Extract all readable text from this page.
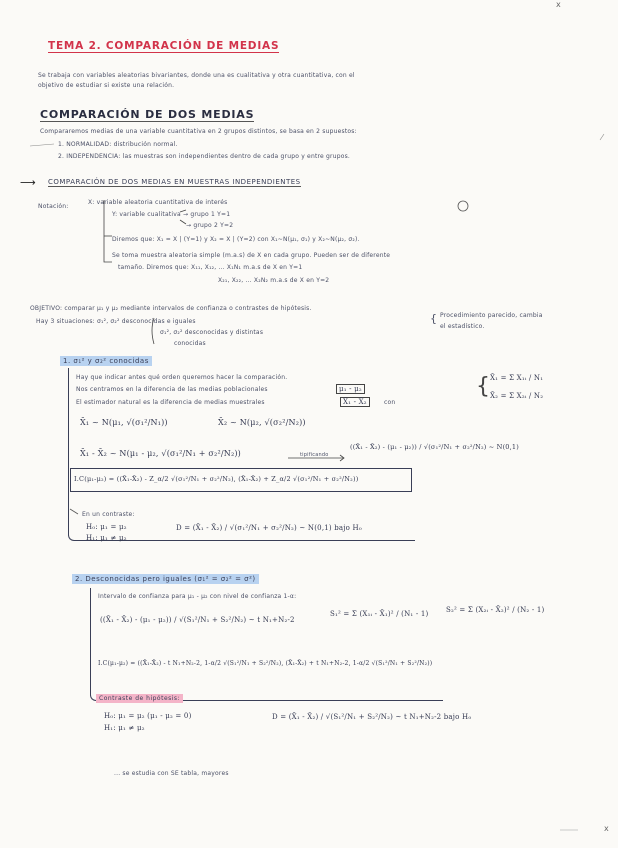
x
TEMA 2. COMPARACIÓN DE MEDIAS
Se trabaja con variables aleatorias bivariantes, donde una es cualitativa y otra cuantitativa, con el
objetivo de estudiar si existe una relación.
COMPARACIÓN DE DOS MEDIAS
Compararemos medias de una variable cuantitativa en 2 grupos distintos, se basa en 2 supuestos:
1. NORMALIDAD: distribución normal.
2. INDEPENDENCIA: las muestras son independientes dentro de cada grupo y entre grupos.
⟶ COMPARACIÓN DE DOS MEDIAS EN MUESTRAS INDEPENDIENTES
Notación:
X: variable aleatoria cuantitativa de interés
Y: variable cualitativa → grupo 1 Y=1
→ grupo 2 Y=2
Diremos que: X₁ = X | (Y=1) y X₂ = X | (Y=2) con X₁~N(μ₁, σ₁) y X₂~N(μ₂, σ₂).
Se toma muestra aleatoria simple (m.a.s) de X en cada grupo. Pueden ser de diferente
tamaño. Diremos que: X₁₁, X₁₂, ... X₁N₁ m.a.s de X en Y=1
X₂₁, X₂₂, ... X₂N₂ m.a.s de X en Y=2
OBJETIVO: comparar μ₁ y μ₂ mediante intervalos de confianza o contrastes de hipótesis.
Hay 3 situaciones: σ₁², σ₂² desconocidas e iguales
σ₁², σ₂² desconocidas y distintas
conocidas
{ Procedimiento parecido, cambia
el estadístico.
1. σ₁² y σ₂² conocidas
Hay que indicar antes qué orden queremos hacer la comparación.
Nos centramos en la diferencia de las medias poblacionales	μ₁ - μ₂
El estimador natural es la diferencia de medias muestrales	X̄₁ - X̄₂	con
{ X̄₁ = Σ X₁ᵢ / N₁
X̄₂ = Σ X₂ᵢ / N₂
X̄₁ ~ N(μ₁, √(σ₁²/N₁))	X̄₂ ~ N(μ₂, √(σ₂²/N₂))
X̄₁ - X̄₂ ~ N(μ₁ - μ₂, √(σ₁²/N₁ + σ₂²/N₂))	tipificando
((X̄₁ - X̄₂) - (μ₁ - μ₂)) / √(σ₁²/N₁ + σ₂²/N₂) ~ N(0,1)
I.C(μ₁-μ₂) = ((X̄₁-X̄₂) - Z_α/2 √(σ₁²/N₁ + σ₂²/N₂), (X̄₁-X̄₂) + Z_α/2 √(σ₁²/N₁ + σ₂²/N₂))
En un contraste:
H₀: μ₁ = μ₂
H₁: μ₁ ≠ μ₂
D = (X̄₁ - X̄₂) / √(σ₁²/N₁ + σ₂²/N₂) ~ N(0,1) bajo H₀
2. Desconocidas pero iguales (σ₁² = σ₂² = σ²)
Intervalo de confianza para μ₁ - μ₂ con nivel de confianza 1-α:
((X̄₁ - X̄₂) - (μ₁ - μ₂)) / √(S₁²/N₁ + S₂²/N₂) ~ t N₁+N₂-2
S₁² = Σ (X₁ᵢ - X̄₁)² / (N₁ - 1)	S₂² = Σ (X₂ᵢ - X̄₂)² / (N₂ - 1)
I.C(μ₁-μ₂) = ((X̄₁-X̄₂) - t N₁+N₂-2, 1-α/2 √(S₁²/N₁ + S₂²/N₂), (X̄₁-X̄₂) + t N₁+N₂-2, 1-α/2 √(S₁²/N₁ + S₂²/N₂))
Contraste de hipótesis:
H₀: μ₁ = μ₂ (μ₁ - μ₂ = 0)
H₁: μ₁ ≠ μ₂
D = (X̄₁ - X̄₂) / √(S₁²/N₁ + S₂²/N₂) ~ t N₁+N₂-2 bajo H₀
... se estudia con SE tabla, mayores
x
